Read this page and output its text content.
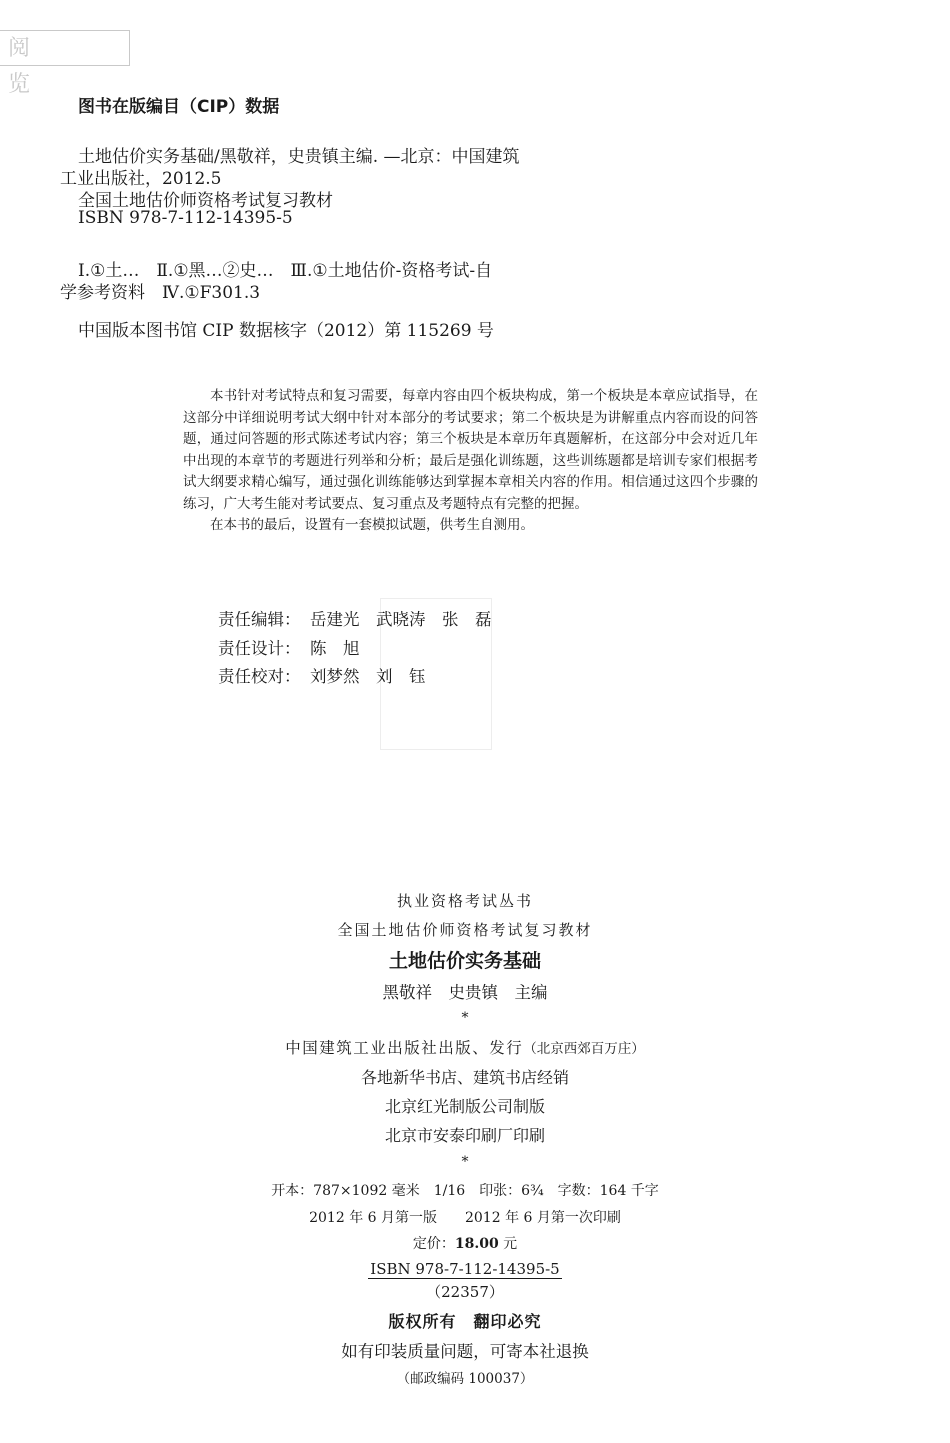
阅 览
图书在版编目（CIP）数据
土地估价实务基础/黑敬祥，史贵镇主编. —北京：中国建筑
工业出版社，2012.5
全国土地估价师资格考试复习教材
ISBN 978-7-112-14395-5
Ⅰ.①土…　Ⅱ.①黑…②史…　Ⅲ.①土地估价-资格考试-自
学参考资料　Ⅳ.①F301.3
中国版本图书馆 CIP 数据核字（2012）第 115269 号

本书针对考试特点和复习需要，每章内容由四个板块构成，第一个板块是本章应试指导，在这部分中详细说明考试大纲中针对本部分的考试要求；第二个板块是为讲解重点内容而设的问答题，通过问答题的形式陈述考试内容；第三个板块是本章历年真题解析，在这部分中会对近几年中出现的本章节的考题进行列举和分析；最后是强化训练题，这些训练题都是培训专家们根据考试大纲要求精心编写，通过强化训练能够达到掌握本章相关内容的作用。相信通过这四个步骤的练习，广大考生能对考试要点、复习重点及考题特点有完整的把握。

在本书的最后，设置有一套模拟试题，供考生自测用。

责任编辑： 岳建光　武晓涛　张　磊
责任设计： 陈　旭
责任校对： 刘梦然　刘　钰
执业资格考试丛书
全国土地估价师资格考试复习教材
土地估价实务基础
黑敬祥　史贵镇　主编
*
中国建筑工业出版社出版、发行（北京西郊百万庄）
各地新华书店、建筑书店经销
北京红光制版公司制版
北京市安泰印刷厂印刷
*
开本：787×1092 毫米　1/16　印张：6¾　字数：164 千字
2012 年 6 月第一版　　2012 年 6 月第一次印刷
定价：18.00 元
ISBN 978-7-112-14395-5
（22357）
版权所有　翻印必究
如有印装质量问题，可寄本社退换
（邮政编码 100037）
